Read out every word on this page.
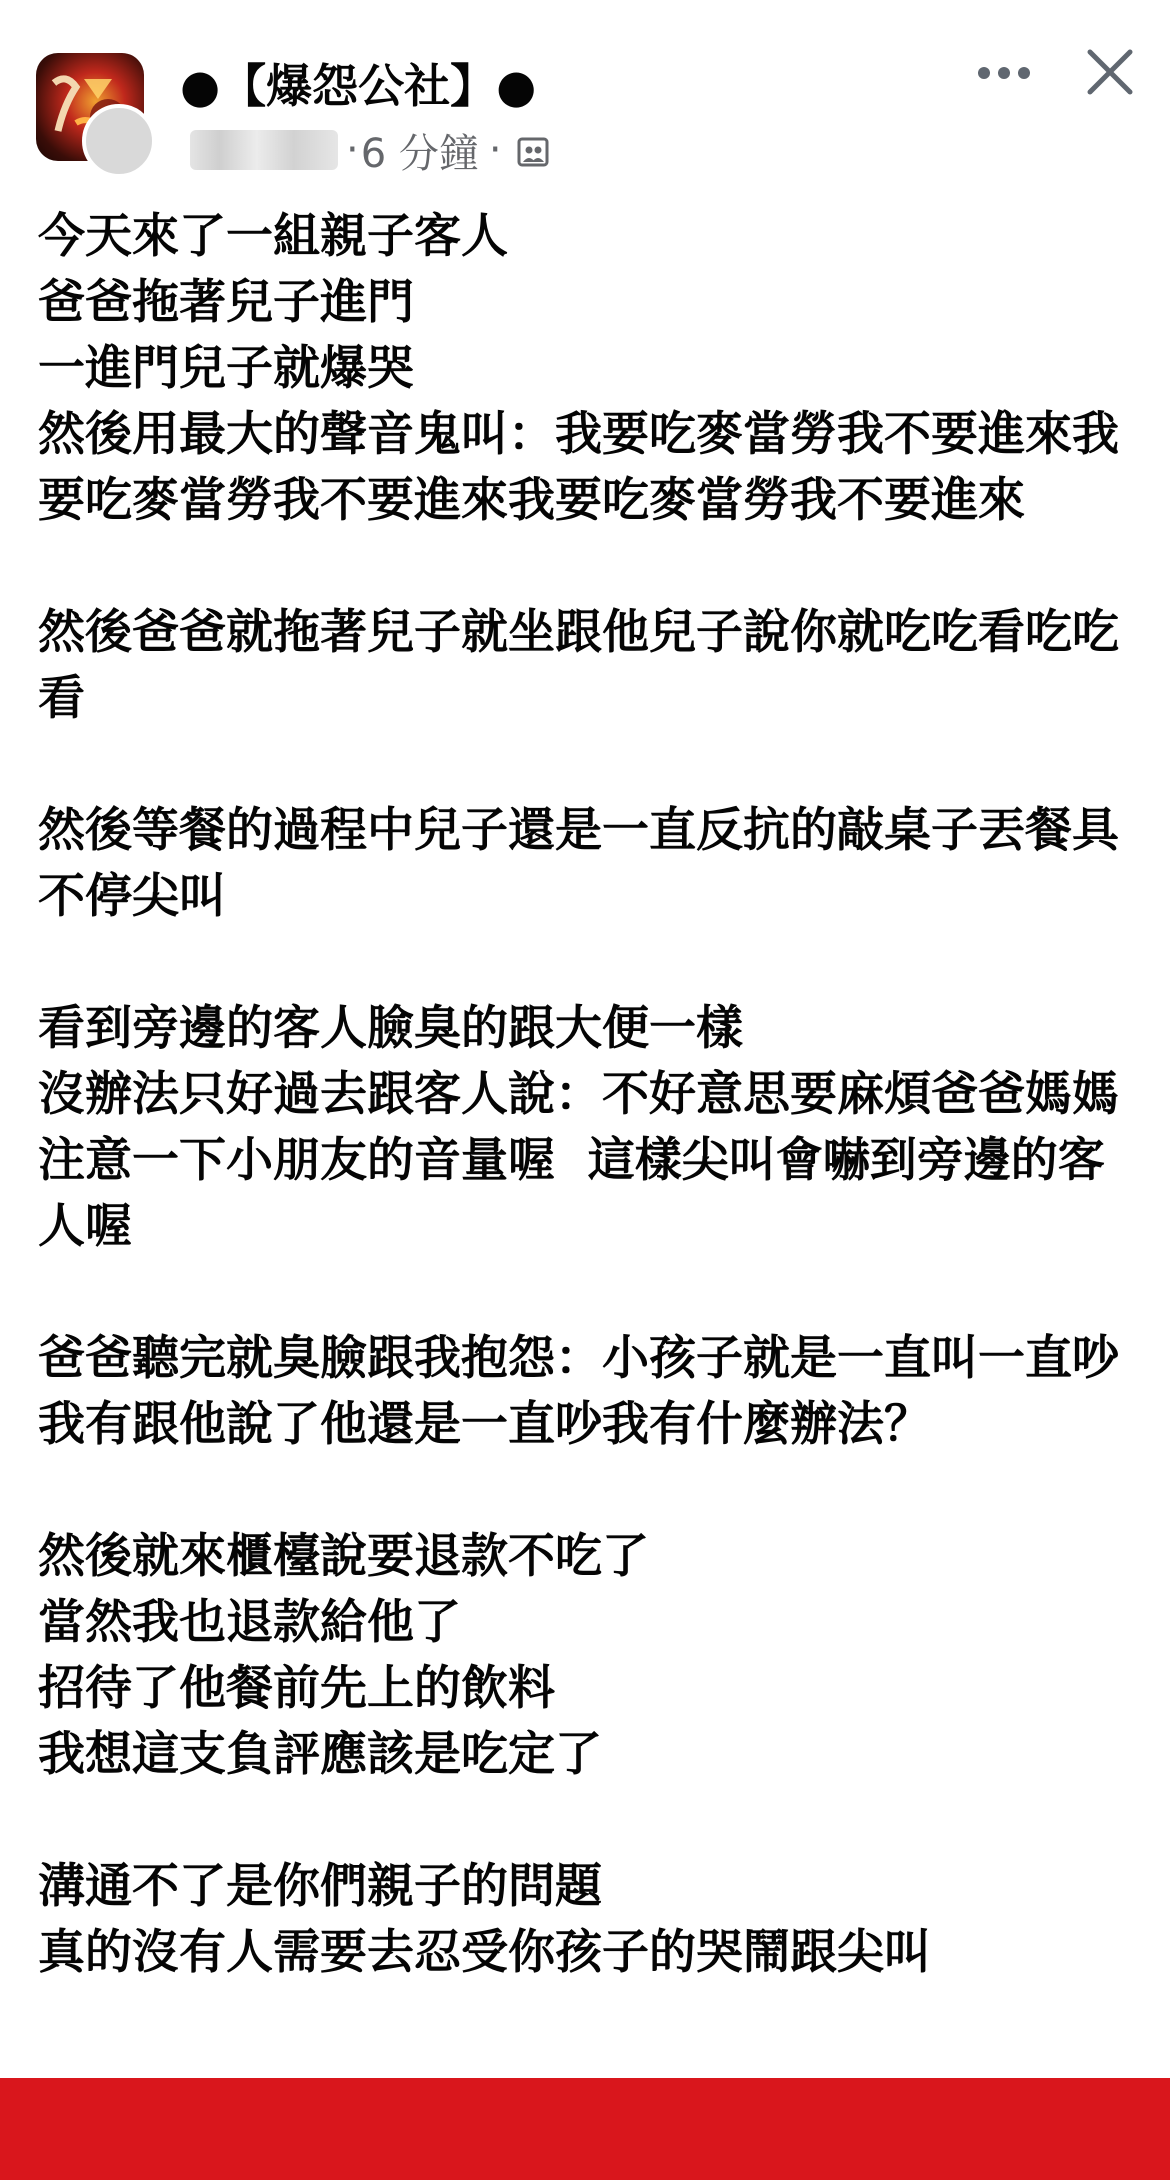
●【爆怨公社】●
· 6 分鐘 ·

今天來了一組親子客人

爸爸拖著兒子進門

一進門兒子就爆哭

然後用最大的聲音鬼叫：我要吃麥當勞我不要進來我要吃麥當勞我不要進來我要吃麥當勞我不要進來

然後爸爸就拖著兒子就坐跟他兒子說你就吃吃看吃吃看

然後等餐的過程中兒子還是一直反抗的敲桌子丟餐具不停尖叫

看到旁邊的客人臉臭的跟大便一樣

沒辦法只好過去跟客人說：不好意思要麻煩爸爸媽媽注意一下小朋友的音量喔  這樣尖叫會嚇到旁邊的客人喔

爸爸聽完就臭臉跟我抱怨：小孩子就是一直叫一直吵我有跟他說了他還是一直吵我有什麼辦法？

然後就來櫃檯說要退款不吃了

當然我也退款給他了

招待了他餐前先上的飲料

我想這支負評應該是吃定了

溝通不了是你們親子的問題

真的沒有人需要去忍受你孩子的哭鬧跟尖叫
